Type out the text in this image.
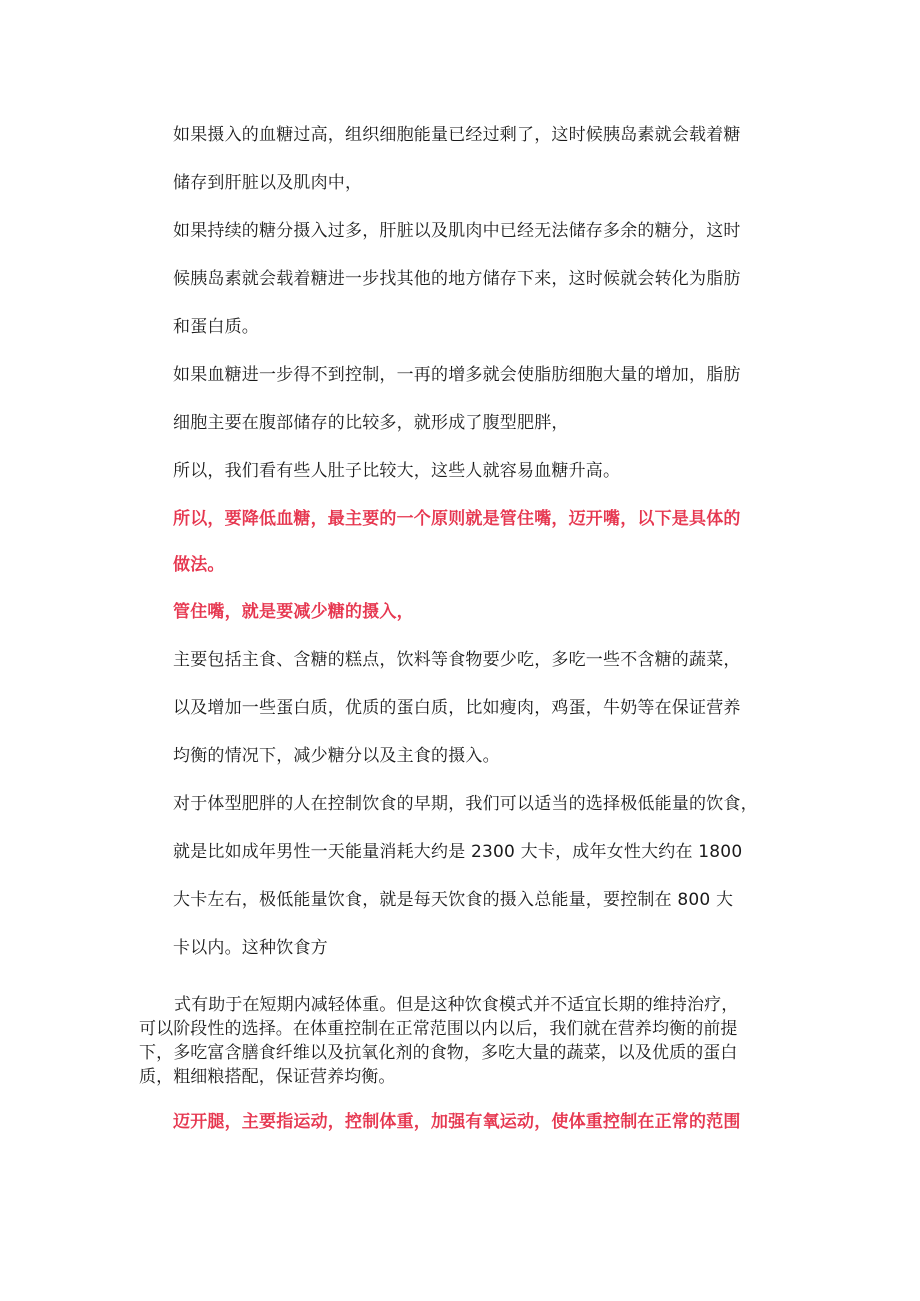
如果摄入的血糖过高，组织细胞能量已经过剩了，这时候胰岛素就会载着糖
储存到肝脏以及肌肉中，
如果持续的糖分摄入过多，肝脏以及肌肉中已经无法储存多余的糖分，这时
候胰岛素就会载着糖进一步找其他的地方储存下来，这时候就会转化为脂肪
和蛋白质。
如果血糖进一步得不到控制，一再的增多就会使脂肪细胞大量的增加，脂肪
细胞主要在腹部储存的比较多，就形成了腹型肥胖，
所以，我们看有些人肚子比较大，这些人就容易血糖升高。
所以，要降低血糖，最主要的一个原则就是管住嘴，迈开嘴，以下是具体的
做法。
管住嘴，就是要减少糖的摄入，
主要包括主食、含糖的糕点，饮料等食物要少吃，多吃一些不含糖的蔬菜，
以及增加一些蛋白质，优质的蛋白质，比如瘦肉，鸡蛋，牛奶等在保证营养
均衡的情况下，减少糖分以及主食的摄入。
对于体型肥胖的人在控制饮食的早期，我们可以适当的选择极低能量的饮食，
就是比如成年男性一天能量消耗大约是 2300 大卡，成年女性大约在 1800
大卡左右，极低能量饮食，就是每天饮食的摄入总能量，要控制在 800 大
卡以内。这种饮食方
式有助于在短期内减轻体重。但是这种饮食模式并不适宜长期的维持治疗，
可以阶段性的选择。在体重控制在正常范围以内以后，我们就在营养均衡的前提
下，多吃富含膳食纤维以及抗氧化剂的食物，多吃大量的蔬菜，以及优质的蛋白
质，粗细粮搭配，保证营养均衡。
迈开腿，主要指运动，控制体重，加强有氧运动，使体重控制在正常的范围
